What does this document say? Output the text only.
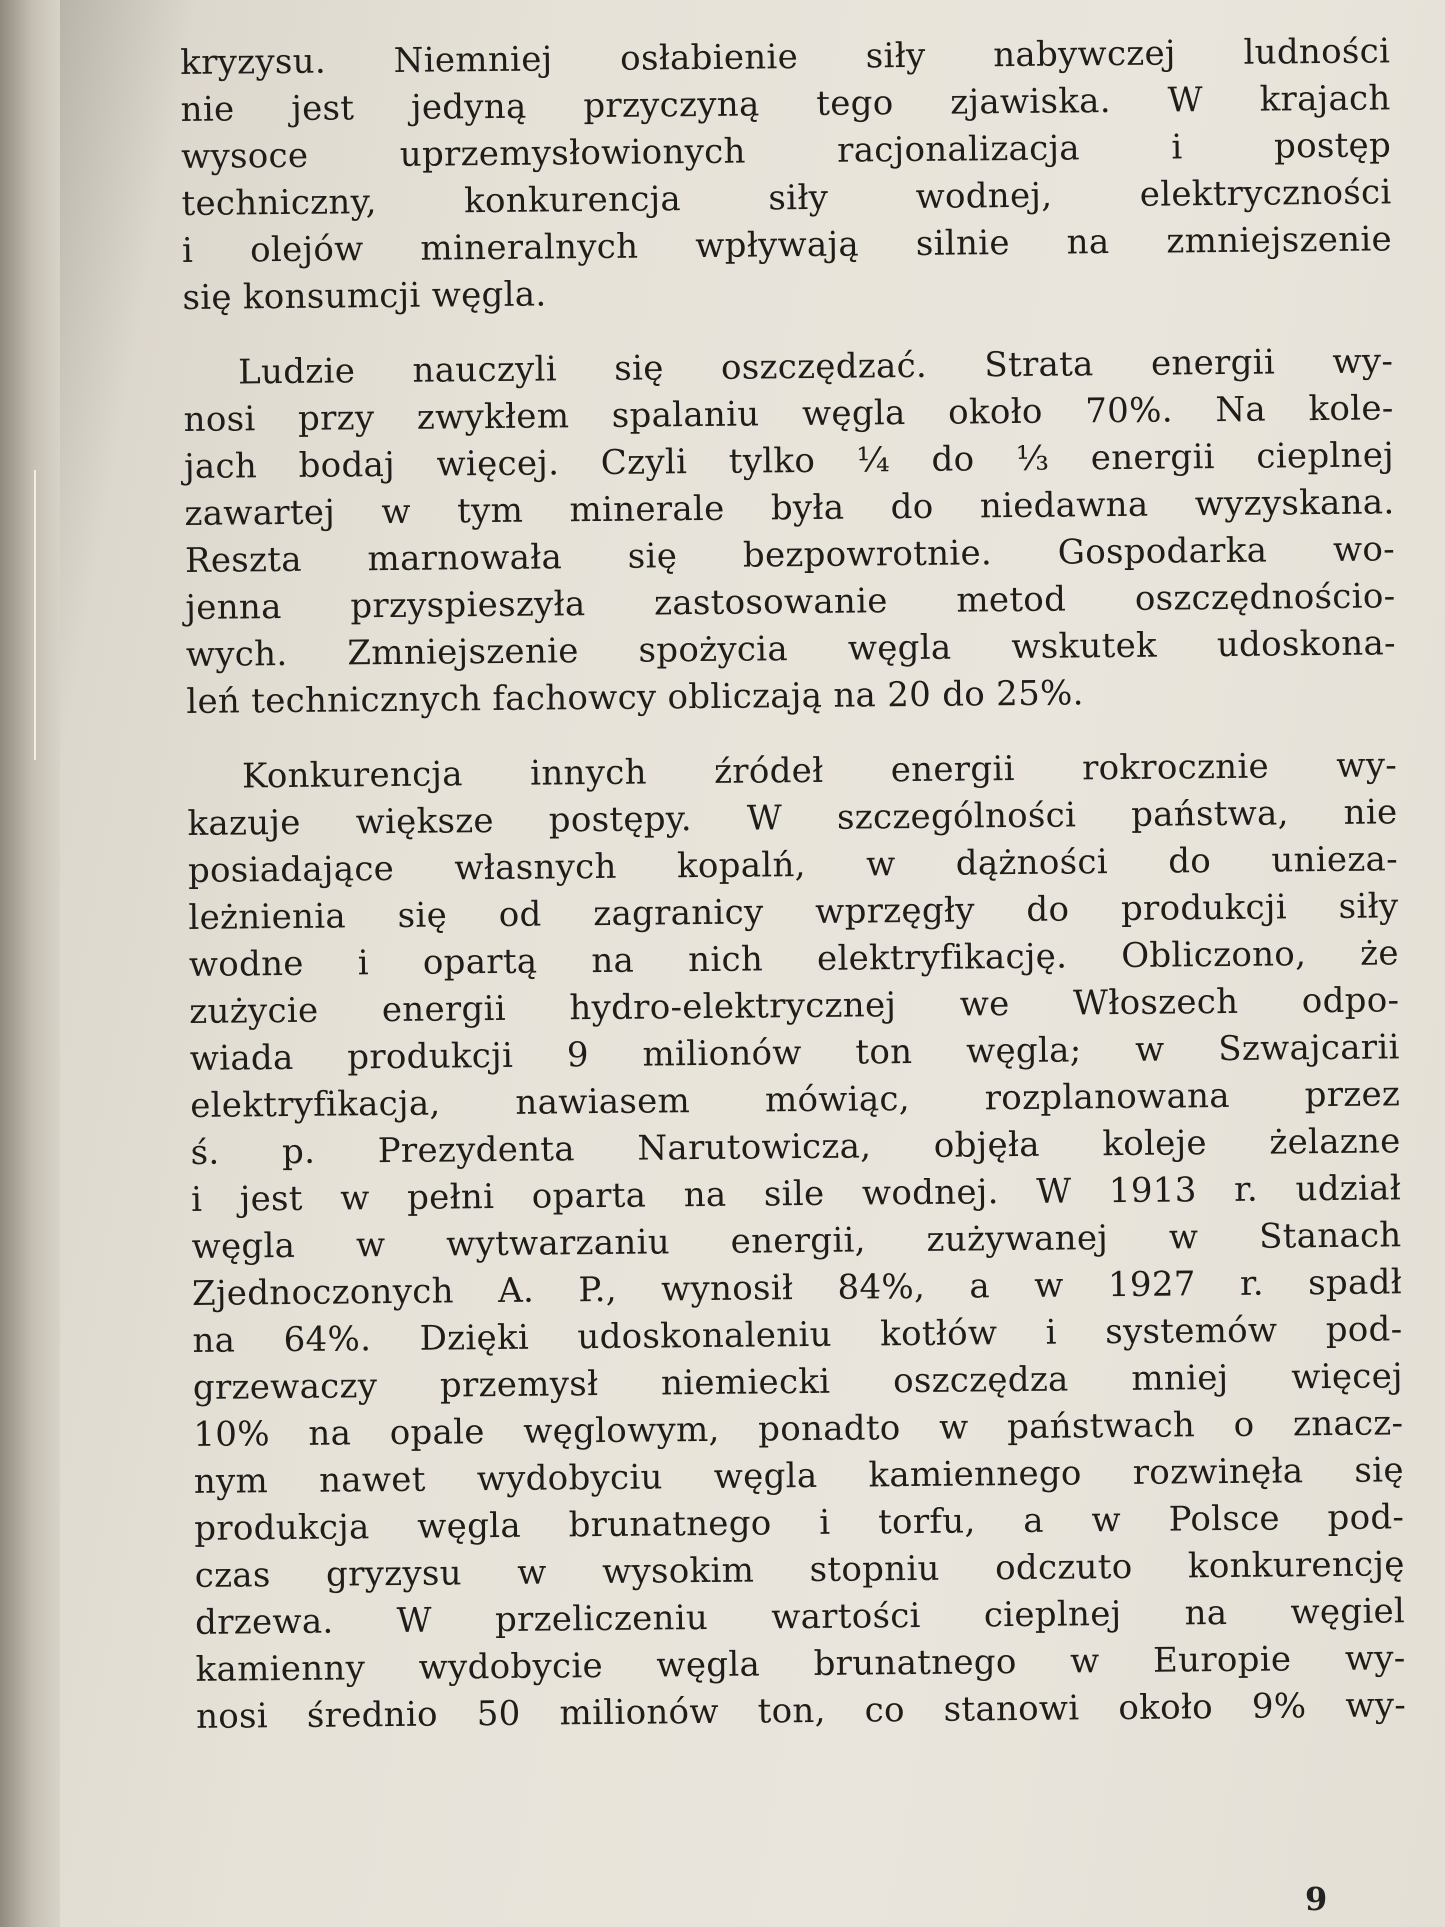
kryzysu. Niemniej osłabienie siły nabywczej ludności
nie jest jedyną przyczyną tego zjawiska. W krajach
wysoce uprzemysłowionych racjonalizacja i postęp
techniczny, konkurencja siły wodnej, elektryczności
i olejów mineralnych wpływają silnie na zmniejszenie
się konsumcji węgla.
Ludzie nauczyli się oszczędzać. Strata energii wy-
nosi przy zwykłem spalaniu węgla około 70%. Na kole-
jach bodaj więcej. Czyli tylko ¼ do ⅓ energii cieplnej
zawartej w tym minerale była do niedawna wyzyskana.
Reszta marnowała się bezpowrotnie. Gospodarka wo-
jenna przyspieszyła zastosowanie metod oszczędnościo-
wych. Zmniejszenie spożycia węgla wskutek udoskona-
leń technicznych fachowcy obliczają na 20 do 25%.
Konkurencja innych źródeł energii rokrocznie wy-
kazuje większe postępy. W szczególności państwa, nie
posiadające własnych kopalń, w dążności do unieza-
leżnienia się od zagranicy wprzęgły do produkcji siły
wodne i opartą na nich elektryfikację. Obliczono, że
zużycie energii hydro-elektrycznej we Włoszech odpo-
wiada produkcji 9 milionów ton węgla; w Szwajcarii
elektryfikacja, nawiasem mówiąc, rozplanowana przez
ś. p. Prezydenta Narutowicza, objęła koleje żelazne
i jest w pełni oparta na sile wodnej. W 1913 r. udział
węgla w wytwarzaniu energii, zużywanej w Stanach
Zjednoczonych A. P., wynosił 84%, a w 1927 r. spadł
na 64%. Dzięki udoskonaleniu kotłów i systemów pod-
grzewaczy przemysł niemiecki oszczędza mniej więcej
10% na opale węglowym, ponadto w państwach o znacz-
nym nawet wydobyciu węgla kamiennego rozwinęła się
produkcja węgla brunatnego i torfu, a w Polsce pod-
czas gryzysu w wysokim stopniu odczuto konkurencję
drzewa. W przeliczeniu wartości cieplnej na węgiel
kamienny wydobycie węgla brunatnego w Europie wy-
nosi średnio 50 milionów ton, co stanowi około 9% wy-
9
